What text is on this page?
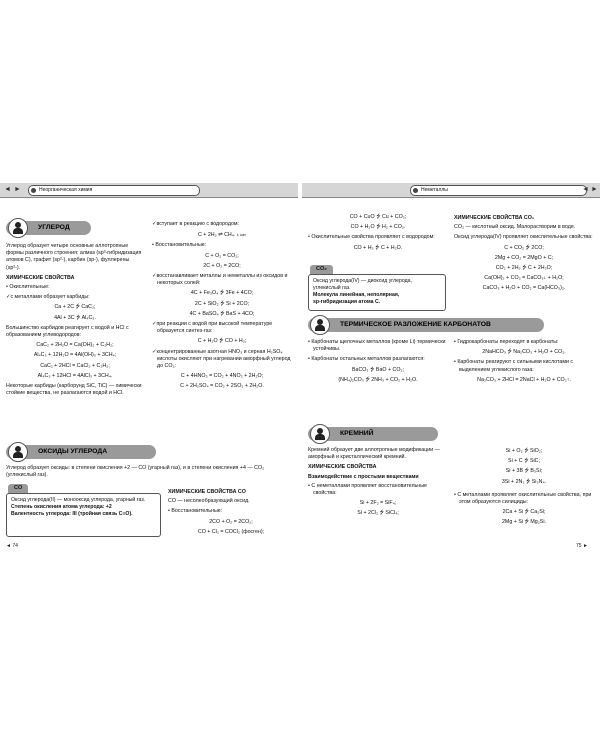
◄ ►	Неорганическая химия
УГЛЕРОД

Углерод образует четыре основные аллотропные формы различного строения: алмаз (sp³-гибридизация атомов С), графит (sp²-), карбин (sp-), фуллерены (sp²-).

ХИМИЧЕСКИЕ СВОЙСТВА
• Окислительные:
✓с металлами образует карбиды:
Ca + 2C ⭍ CaC₂;
4Al + 3C ⭍ Al₄C₃.

Большинство карбидов реагирует с водой и HCl с образованием углеводородов:

CaC₂ + 2H₂O = Ca(OH)₂ + C₂H₂;
Al₄C₃ + 12H₂O = 4Al(OH)₃ + 3CH₄;
CaC₂ + 2HCl = CaCl₂ + C₂H₂;
Al₄C₃ + 12HCl = 4AlCl₃ + 3CH₄.

Некоторые карбиды (карборунд SiC, TiC) — химически стойкие вещества, не разлагаются водой и HCl.

✓вступает в реакцию с водородом:
C + 2H₂ ⇌ CH₄. t, кат
• Восстановительные:
C + O₂ = CO₂;
2C + O₂ = 2CO;
✓восстанавливает металлы и неметаллы из оксидов и некоторых солей:
4C + Fe₃O₄ ⭍ 3Fe + 4CO;
2C + SiO₂ ⭍ Si + 2CO;
4C + BaSO₄ ⭍ BaS + 4CO;
✓при реакции с водой при высокой температуре образуется синтез-газ:
C + H₂O ⭍ CO + H₂;
✓концентрированные азотная HNO₃ и серная H₂SO₄ кислоты окисляют при нагревании аморфный углерод до CO₂:
C + 4HNO₃ = CO₂ + 4NO₂ + 2H₂O;
C + 2H₂SO₄ = CO₂ + 2SO₂ + 2H₂O.
ОКСИДЫ УГЛЕРОДА

Углерод образует оксиды: в степени окисления +2 — CO (угарный газ), и в степени окисления +4 — CO₂ (углекислый газ).

CO
Оксид углерода(II) — монооксид углерода, угарный газ.
Степень окисления атома углерода: +2
Валентность углерода: III (тройная связь C≡O).
ХИМИЧЕСКИЕ СВОЙСТВА CO

CO — несолеобразующий оксид.

• Восстановительные:
2CO + O₂ = 2CO₂;
CO + Cl₂ = COCl₂ (фосген);
◄ 74
Неметаллы	◄ ►
CO + CuO ⭍ Cu + CO₂;
CO + H₂O ⭍ H₂ + CO₂.
• Окислительные свойства проявляет с водородом:
CO + H₂ ⭍ C + H₂O.
CO₂
Оксид углерода(IV) — диоксид углерода, углекислый газ.
Молекула линейная, неполярная,
sp-гибридизация атома С.
ХИМИЧЕСКИЕ СВОЙСТВА CO₂

CO₂ — кислотный оксид. Малорастворим в воде.

Оксид углерода(IV) проявляет окислительные свойства:

C + CO₂ ⭍ 2CO;
2Mg + CO₂ = 2MgO + C;
CO₂ + 2H₂ ⭍ C + 2H₂O;
Ca(OH)₂ + CO₂ = CaCO₃↓ + H₂O;
CaCO₃ + H₂O + CO₂ = Ca(HCO₃)₂.
ТЕРМИЧЕСКОЕ РАЗЛОЖЕНИЕ КАРБОНАТОВ
• Карбонаты щелочных металлов (кроме Li) термически устойчивы.
• Карбонаты остальных металлов разлагаются:
BaCO₃ ⭍ BaO + CO₂;
(NH₄)₂CO₃ ⭍ 2NH₃ + CO₂ + H₂O.
• Гидрокарбонаты переходят в карбонаты:
2NaHCO₃ ⭍ Na₂CO₃ + H₂O + CO₂.
• Карбонаты реагируют с сильными кислотами с выделением углекислого газа:
Na₂CO₃ + 2HCl = 2NaCl + H₂O + CO₂↑.
КРЕМНИЙ

Кремний образует две аллотропные модификации — аморфный и кристаллический кремний.

ХИМИЧЕСКИЕ СВОЙСТВА
Взаимодействие с простыми веществами
• С неметаллами проявляет восстановительные свойства:
Si + 2F₂ = SiF₄;
Si + 2Cl₂ ⭍ SiCl₄;
Si + O₂ ⭍ SiO₂;
Si + C ⭍ SiC;
Si + 3B ⭍ B₃Si;
3Si + 2N₂ ⭍ Si₃N₄.
• С металлами проявляет окислительные свойства, при этом образуются силициды:
2Ca + Si ⭍ Ca₂Si;
2Mg + Si ⭍ Mg₂Si.
75 ►
